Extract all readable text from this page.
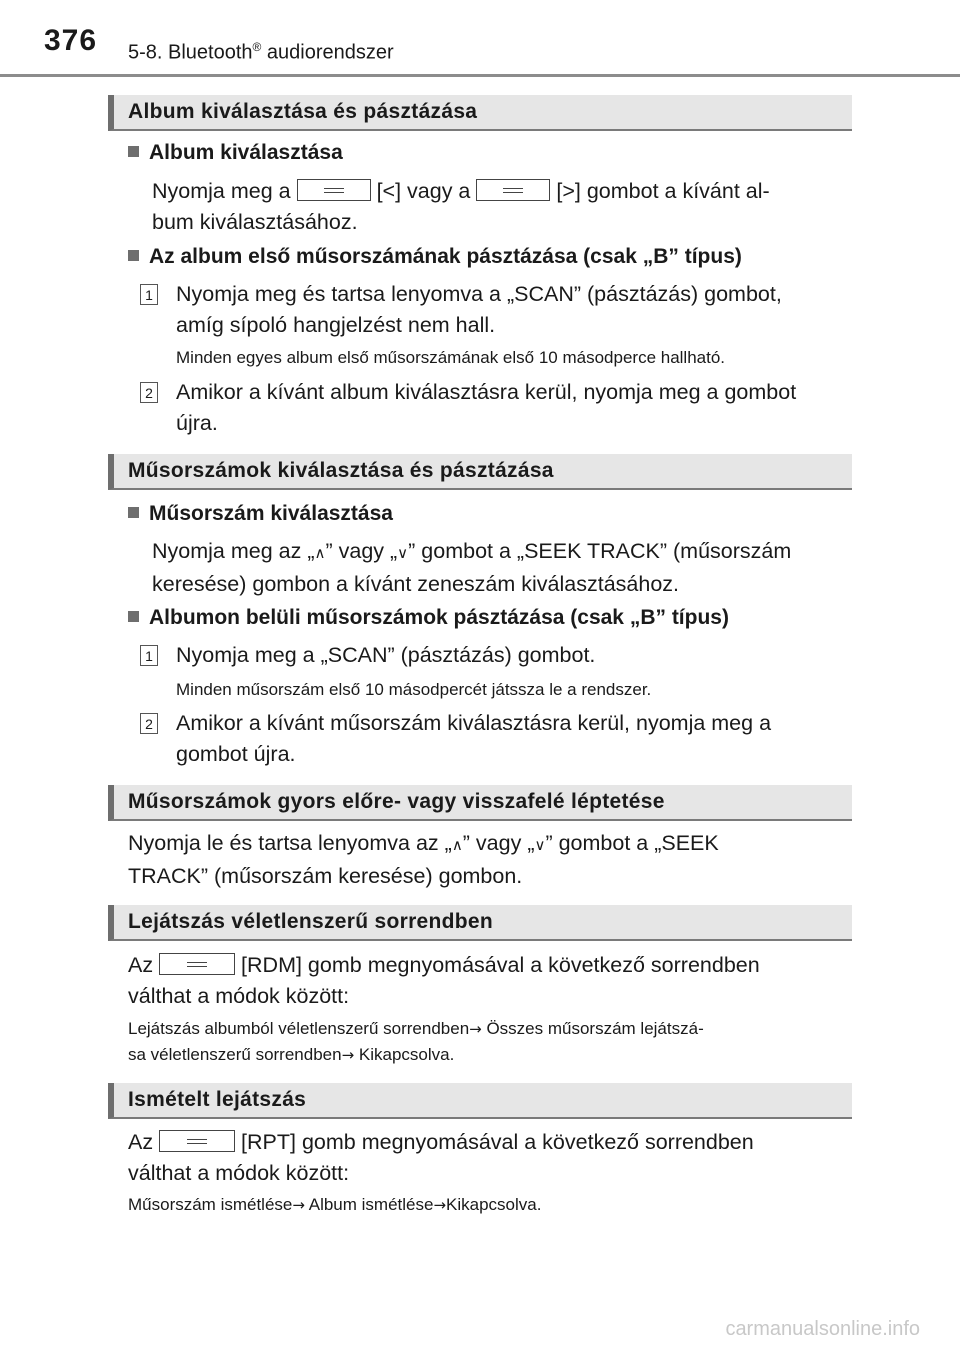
376 5-8. Bluetooth® audiorendszer
Album kiválasztása és pásztázása
Album kiválasztása
Nyomja meg a	[<] vagy a	[>] gombot a kívánt al-
bum kiválasztásához.
Az album első műsorszámának pásztázása (csak „B” típus)
1 Nyomja meg és tartsa lenyomva a „SCAN” (pásztázás) gombot,
amíg sípoló hangjelzést nem hall.
Minden egyes album első műsorszámának első 10 másodperce hallható.
2 Amikor a kívánt album kiválasztásra kerül, nyomja meg a gombot
újra.
Műsorszámok kiválasztása és pásztázása
Műsorszám kiválasztása
Nyomja meg az „∧” vagy „∨” gombot a „SEEK TRACK” (műsorszám
keresése) gombon a kívánt zeneszám kiválasztásához.
Albumon belüli műsorszámok pásztázása (csak „B” típus)
1 Nyomja meg a „SCAN” (pásztázás) gombot.
Minden műsorszám első 10 másodpercét játssza le a rendszer.
2 Amikor a kívánt műsorszám kiválasztásra kerül, nyomja meg a
gombot újra.
Műsorszámok gyors előre- vagy visszafelé léptetése
Nyomja le és tartsa lenyomva az „∧” vagy „∨” gombot a „SEEK
TRACK” (műsorszám keresése) gombon.
Lejátszás véletlenszerű sorrendben
Az	[RDM] gomb megnyomásával a következő sorrendben
válthat a módok között:
Lejátszás albumból véletlenszerű sorrendben→ Összes műsorszám lejátszá-
sa véletlenszerű sorrendben→ Kikapcsolva.
Ismételt lejátszás
Az	[RPT] gomb megnyomásával a következő sorrendben
válthat a módok között:
Műsorszám ismétlése→ Album ismétlése→Kikapcsolva.
carmanualsonline.info
